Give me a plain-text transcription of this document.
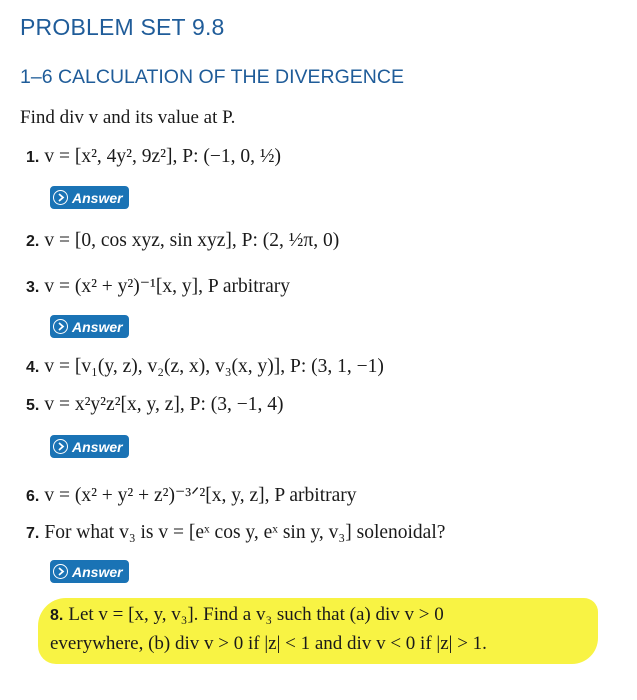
PROBLEM SET 9.8
1–6 CALCULATION OF THE DIVERGENCE
Find div v and its value at P.
1. v = [x², 4y², 9z²], P: (−1, 0, ½)
Answer
2. v = [0, cos xyz, sin xyz], P: (2, ½π, 0)
3. v = (x² + y²)⁻¹[x, y], P arbitrary
Answer
4. v = [v₁(y, z), v₂(z, x), v₃(x, y)], P: (3, 1, −1)
5. v = x²y²z²[x, y, z], P: (3, −1, 4)
Answer
6. v = (x² + y² + z²)⁻³ᐟ²[x, y, z], P arbitrary
7. For what v₃ is v = [eˣ cos y, eˣ sin y, v₃] solenoidal?
Answer
8. Let v = [x, y, v₃]. Find a v₃ such that (a) div v > 0
everywhere, (b) div v > 0 if |z| < 1 and div v < 0 if |z| > 1.
